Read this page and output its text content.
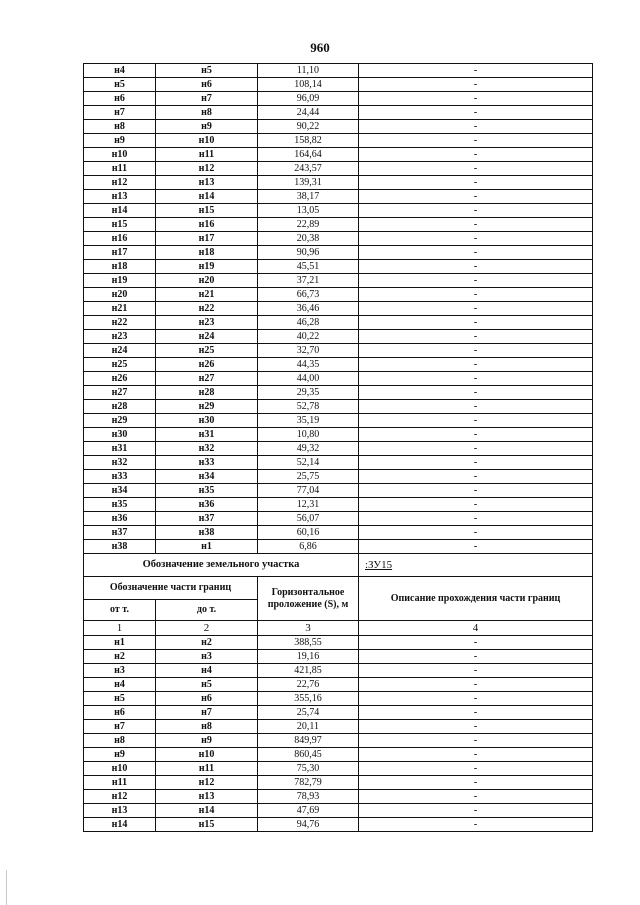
960
н4	н5	11,10	-
н5	н6	108,14	-
н6	н7	96,09	-
н7	н8	24,44	-
н8	н9	90,22	-
н9	н10	158,82	-
н10	н11	164,64	-
н11	н12	243,57	-
н12	н13	139,31	-
н13	н14	38,17	-
н14	н15	13,05	-
н15	н16	22,89	-
н16	н17	20,38	-
н17	н18	90,96	-
н18	н19	45,51	-
н19	н20	37,21	-
н20	н21	66,73	-
н21	н22	36,46	-
н22	н23	46,28	-
н23	н24	40,22	-
н24	н25	32,70	-
н25	н26	44,35	-
н26	н27	44,00	-
н27	н28	29,35	-
н28	н29	52,78	-
н29	н30	35,19	-
н30	н31	10,80	-
н31	н32	49,32	-
н32	н33	52,14	-
н33	н34	25,75	-
н34	н35	77,04	-
н35	н36	12,31	-
н36	н37	56,07	-
н37	н38	60,16	-
н38	н1	6,86	-
Обозначение земельного участка			:ЗУ15
Обозначение части границ		Горизонтальное проложение (S), м	Описание прохождения части границ
от т.	до т.		
1	2	3	4
н1	н2	388,55	-
н2	н3	19,16	-
н3	н4	421,85	-
н4	н5	22,76	-
н5	н6	355,16	-
н6	н7	25,74	-
н7	н8	20,11	-
н8	н9	849,97	-
н9	н10	860,45	-
н10	н11	75,30	-
н11	н12	782,79	-
н12	н13	78,93	-
н13	н14	47,69	-
н14	н15	94,76	-
